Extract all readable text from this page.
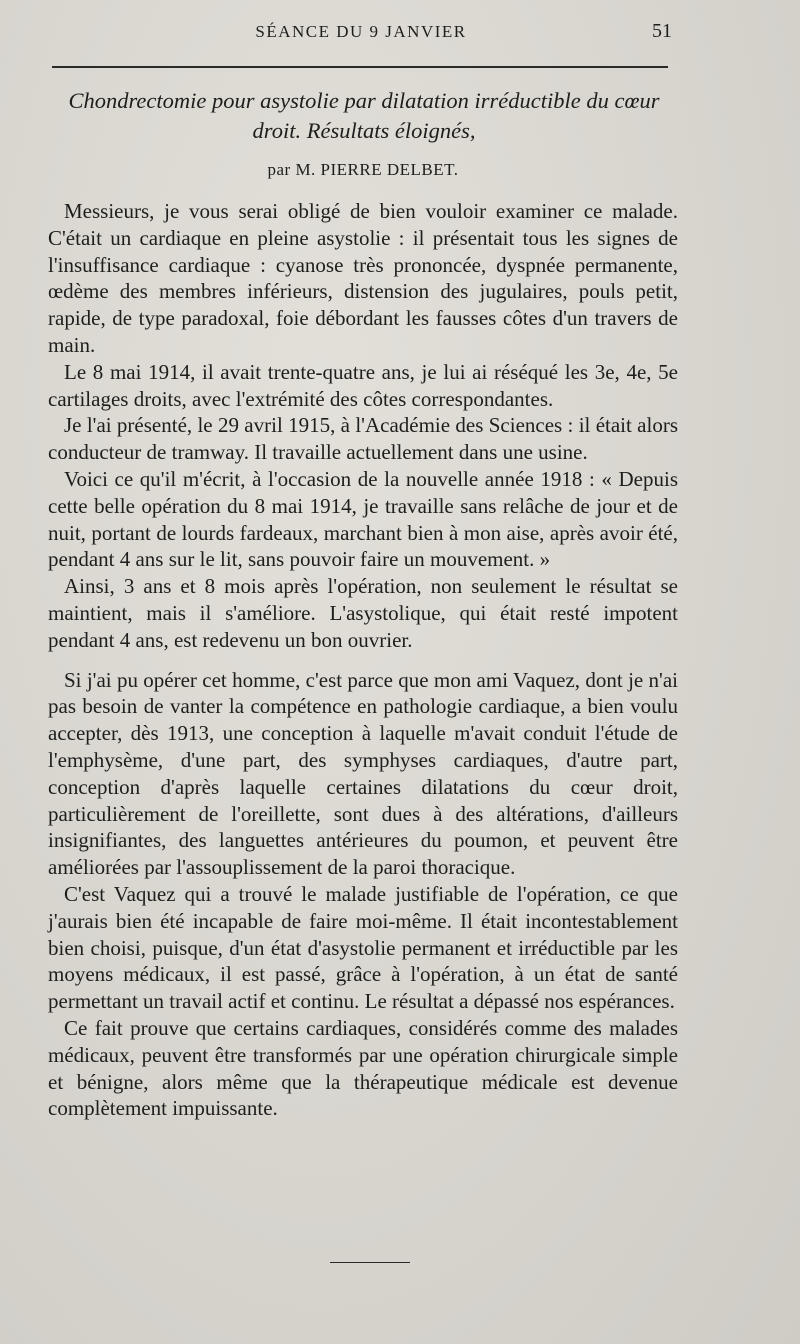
SÉANCE DU 9 JANVIER	51
Chondrectomie pour asystolie par dilatation irréductible du cœur
droit. Résultats éloignés,
par M. PIERRE DELBET.

Messieurs, je vous serai obligé de bien vouloir examiner ce malade. C'était un cardiaque en pleine asystolie : il présentait tous les signes de l'insuffisance cardiaque : cyanose très prononcée, dyspnée permanente, œdème des membres inférieurs, distension des jugulaires, pouls petit, rapide, de type paradoxal, foie débordant les fausses côtes d'un travers de main.

Le 8 mai 1914, il avait trente-quatre ans, je lui ai réséqué les 3e, 4e, 5e cartilages droits, avec l'extrémité des côtes correspondantes.

Je l'ai présenté, le 29 avril 1915, à l'Académie des Sciences : il était alors conducteur de tramway. Il travaille actuellement dans une usine.

Voici ce qu'il m'écrit, à l'occasion de la nouvelle année 1918 : « Depuis cette belle opération du 8 mai 1914, je travaille sans relâche de jour et de nuit, portant de lourds fardeaux, marchant bien à mon aise, après avoir été, pendant 4 ans sur le lit, sans pouvoir faire un mouvement. »

Ainsi, 3 ans et 8 mois après l'opération, non seulement le résultat se maintient, mais il s'améliore. L'asystolique, qui était resté impotent pendant 4 ans, est redevenu un bon ouvrier.

Si j'ai pu opérer cet homme, c'est parce que mon ami Vaquez, dont je n'ai pas besoin de vanter la compétence en pathologie cardiaque, a bien voulu accepter, dès 1913, une conception à laquelle m'avait conduit l'étude de l'emphysème, d'une part, des symphyses cardiaques, d'autre part, conception d'après laquelle certaines dilatations du cœur droit, particulièrement de l'oreillette, sont dues à des altérations, d'ailleurs insignifiantes, des languettes antérieures du poumon, et peuvent être améliorées par l'assouplissement de la paroi thoracique.

C'est Vaquez qui a trouvé le malade justifiable de l'opération, ce que j'aurais bien été incapable de faire moi-même. Il était incontestablement bien choisi, puisque, d'un état d'asystolie permanent et irréductible par les moyens médicaux, il est passé, grâce à l'opération, à un état de santé permettant un travail actif et continu. Le résultat a dépassé nos espérances.

Ce fait prouve que certains cardiaques, considérés comme des malades médicaux, peuvent être transformés par une opération chirurgicale simple et bénigne, alors même que la thérapeutique médicale est devenue complètement impuissante.
